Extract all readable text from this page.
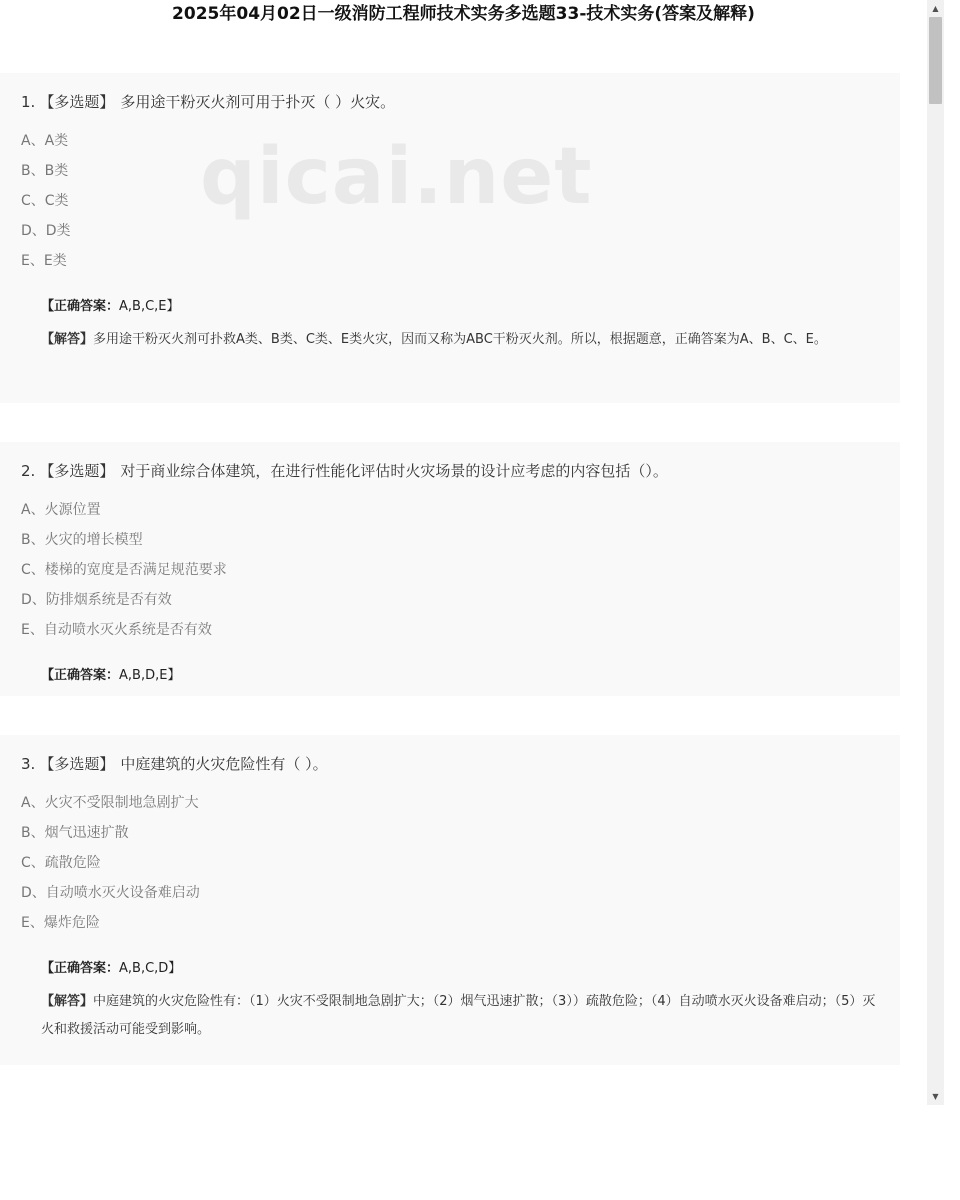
2025年04月02日一级消防工程师技术实务多选题33-技术实务(答案及解释)
1. 【多选题】 多用途干粉灭火剂可用于扑灭（ ）火灾。
A、 A类
B、 B类
C、 C类
D、 D类
E、 E类
【正确答案：A,B,C,E】
【解答】多用途干粉灭火剂可扑救A类、B类、C类、E类火灾，因而又称为ABC干粉灭火剂。所以，根据题意，正确答案为A、B、C、E。
2. 【多选题】 对于商业综合体建筑，在进行性能化评估时火灾场景的设计应考虑的内容包括（）。
A、 火源位置
B、 火灾的增长模型
C、 楼梯的宽度是否满足规范要求
D、 防排烟系统是否有效
E、 自动喷水灭火系统是否有效
【正确答案：A,B,D,E】
3. 【多选题】 中庭建筑的火灾危险性有（ ）。
A、 火灾不受限制地急剧扩大
B、 烟气迅速扩散
C、 疏散危险
D、 自动喷水灭火设备难启动
E、 爆炸危险
【正确答案：A,B,C,D】
【解答】中庭建筑的火灾危险性有：（1）火灾不受限制地急剧扩大；（2）烟气迅速扩散；（3））疏散危险；（4）自动喷水灭火设备难启动；（5）灭火和救援活动可能受到影响。
qicai.net
▲
▼
